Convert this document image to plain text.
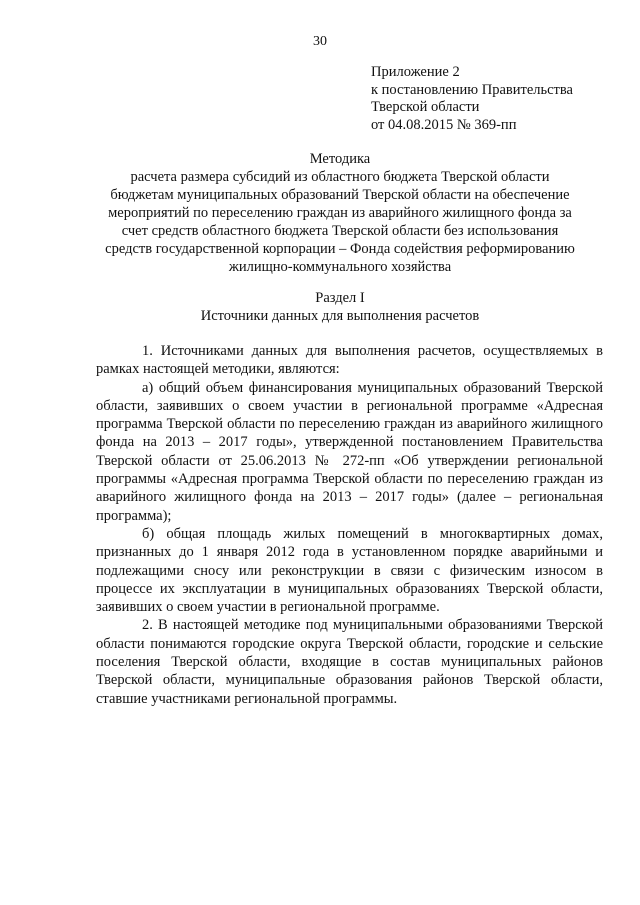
30
Приложение 2
к постановлению Правительства
Тверской области
от 04.08.2015 № 369-пп
Методика
расчета размера субсидий из областного бюджета Тверской области
бюджетам муниципальных образований Тверской области на обеспечение
мероприятий по переселению граждан из аварийного жилищного фонда за
счет средств областного бюджета Тверской области без использования
средств государственной корпорации – Фонда содействия реформированию
жилищно-коммунального хозяйства
Раздел I
Источники данных для выполнения расчетов

1. Источниками данных для выполнения расчетов, осуществляемых в рамках настоящей методики, являются:

а) общий объем финансирования муниципальных образований Тверской области, заявивших о своем участии в региональной программе «Адресная программа Тверской области по переселению граждан из аварийного жилищного фонда на 2013 – 2017 годы», утвержденной постановлением Правительства Тверской области от 25.06.2013 № 272-пп «Об утверждении региональной программы «Адресная программа Тверской области по переселению граждан из аварийного жилищного фонда на 2013 – 2017 годы» (далее – региональная программа);

б) общая площадь жилых помещений в многоквартирных домах, признанных до 1 января 2012 года в установленном порядке аварийными и подлежащими сносу или реконструкции в связи с физическим износом в процессе их эксплуатации в муниципальных образованиях Тверской области, заявивших о своем участии в региональной программе.

2. В настоящей методике под муниципальными образованиями Тверской области понимаются городские округа Тверской области, городские и сельские поселения Тверской области, входящие в состав муниципальных районов Тверской области, муниципальные образования районов Тверской области, ставшие участниками региональной программы.
